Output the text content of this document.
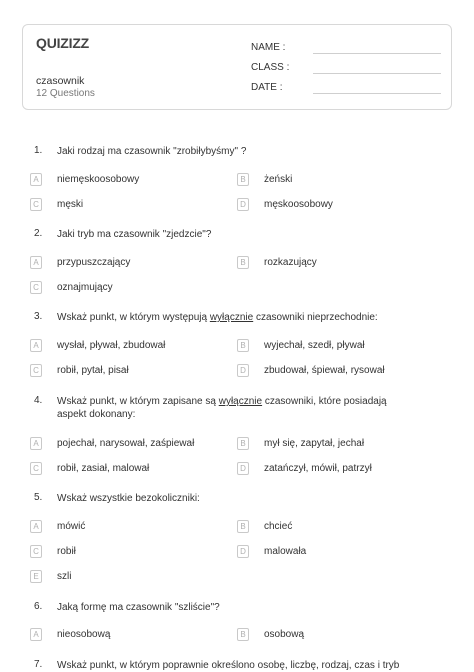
QUIZIZZ
czasownik
12 Questions
NAME :
CLASS :
DATE :
1. Jaki rodzaj ma czasownik "zrobiłybyśmy" ?
A	niemęskoosobowy	B	żeński
C	męski	D	męskoosobowy
2. Jaki tryb ma czasownik "zjedzcie"?
A	przypuszczający	B	rozkazujący
C	oznajmujący
3. Wskaż punkt, w którym występują wyłącznie czasowniki nieprzechodnie:
A	wysłał, pływał, zbudował	B	wyjechał, szedł, pływał
C	robił, pytał, pisał	D	zbudował, śpiewał, rysował
4. Wskaż punkt, w którym zapisane są wyłącznie czasowniki, które posiadają aspekt dokonany:
A	pojechał, narysował, zaśpiewał	B	mył się, zapytał, jechał
C	robił, zasiał, malował	D	zatańczył, mówił, patrzył
5. Wskaż wszystkie bezokoliczniki:
A	mówić	B	chcieć
C	robił	D	malowała
E	szli
6. Jaką formę ma czasownik "szliście"?
A	nieosobową	B	osobową
7. Wskaż punkt, w którym poprawnie określono osobę, liczbę, rodzaj, czas i tryb
